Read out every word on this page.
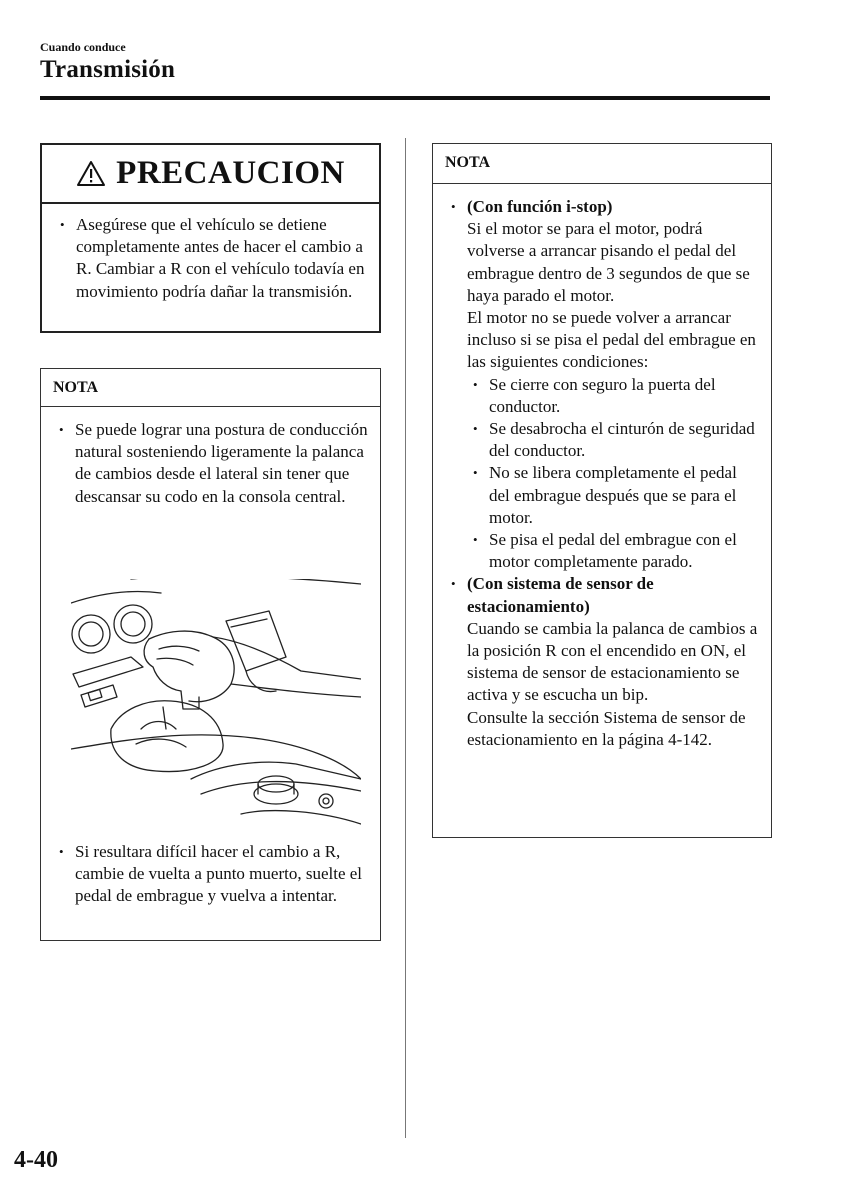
Cuando conduce
Transmisión
PRECAUCION
• Asegúrese que el vehículo se detiene completamente antes de hacer el cambio a R. Cambiar a R con el vehículo todavía en movimiento podría dañar la transmisión.
NOTA
• Se puede lograr una postura de conducción natural sosteniendo ligeramente la palanca de cambios desde el lateral sin tener que descansar su codo en la consola central.
• Si resultara difícil hacer el cambio a R, cambie de vuelta a punto muerto, suelte el pedal de embrague y vuelva a intentar.
NOTA
• (Con función i-stop)
Si el motor se para el motor, podrá volverse a arrancar pisando el pedal del embrague dentro de 3 segundos de que se haya parado el motor.
El motor no se puede volver a arrancar incluso si se pisa el pedal del embrague en las siguientes condiciones:
• Se cierre con seguro la puerta del conductor.
• Se desabrocha el cinturón de seguridad del conductor.
• No se libera completamente el pedal del embrague después que se para el motor.
• Se pisa el pedal del embrague con el motor completamente parado.
• (Con sistema de sensor de estacionamiento)
Cuando se cambia la palanca de cambios a la posición R con el encendido en ON, el sistema de sensor de estacionamiento se activa y se escucha un bip.
Consulte la sección Sistema de sensor de estacionamiento en la página 4-142.
4-40
